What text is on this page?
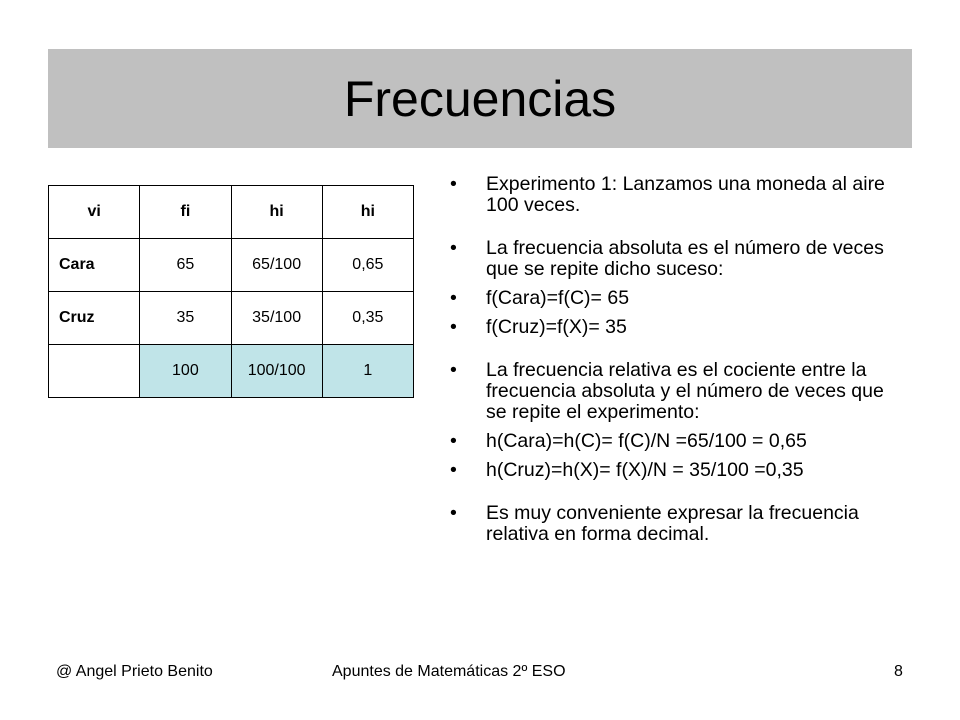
Frecuencias
vi	fi	hi	hi
Cara	65	65/100	0,65
Cruz	35	35/100	0,35
	100	100/100	1
• Experimento 1: Lanzamos una moneda al aire 100 veces.
• La frecuencia absoluta es el número de veces que se repite dicho suceso:
• f(Cara)=f(C)= 65
• f(Cruz)=f(X)= 35
• La frecuencia relativa es el cociente entre la frecuencia absoluta y el número de veces que se repite el experimento:
• h(Cara)=h(C)= f(C)/N =65/100 = 0,65
• h(Cruz)=h(X)= f(X)/N = 35/100 =0,35
• Es muy conveniente expresar la frecuencia relativa en forma decimal.
@ Angel Prieto Benito	Apuntes de Matemáticas 2º ESO	8
